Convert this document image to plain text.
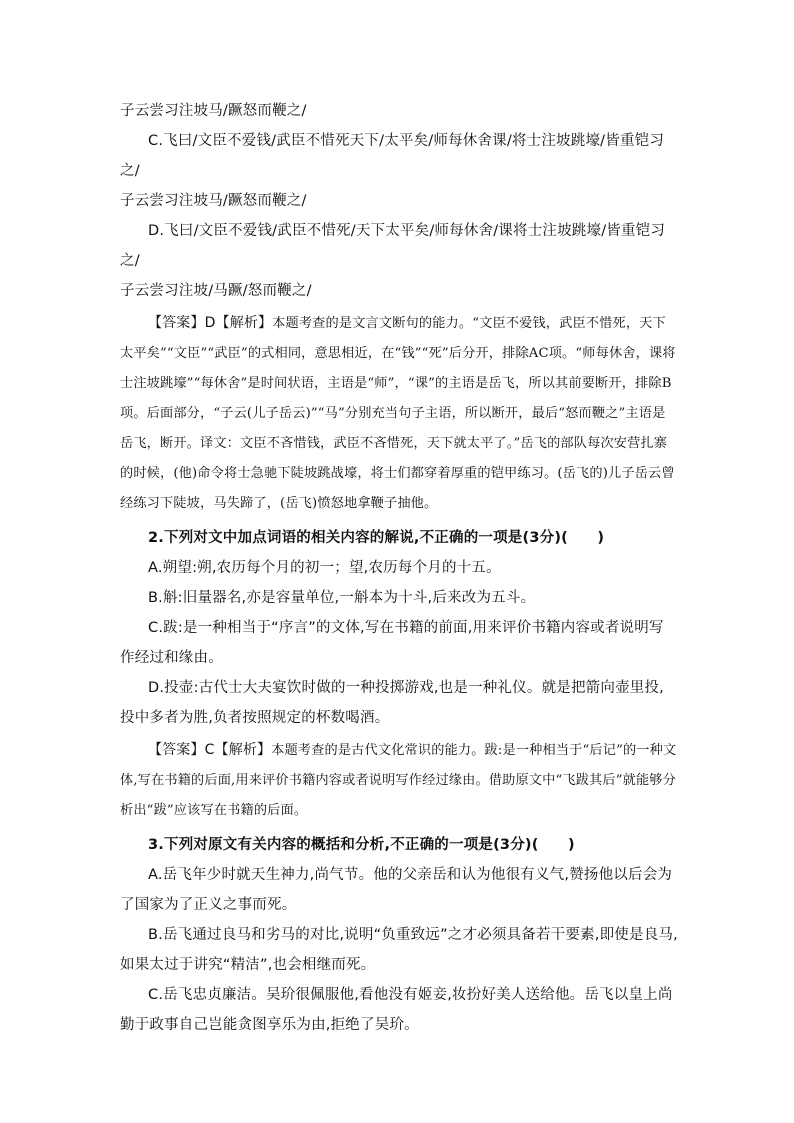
子云尝习注坡马/蹶怒而鞭之/

C.飞曰/文臣不爱钱/武臣不惜死天下/太平矣/师每休舍课/将士注坡跳壕/皆重铠习之/

子云尝习注坡马/蹶怒而鞭之/

D.飞曰/文臣不爱钱/武臣不惜死/天下太平矣/师每休舍/课将士注坡跳壕/皆重铠习之/

子云尝习注坡/马蹶/怒而鞭之/

【答案】D【解析】本题考查的是文言文断句的能力。“文臣不爱钱，武臣不惜死，天下太平矣”“文臣”“武臣”的式相同，意思相近，在“钱”“死”后分开，排除AC项。“师每休舍，课将士注坡跳壕”“每休舍”是时间状语，主语是“师”，“课”的主语是岳飞，所以其前要断开，排除B项。后面部分，“子云(儿子岳云)”“马”分别充当句子主语，所以断开，最后“怒而鞭之”主语是岳飞，断开。译文：文臣不吝惜钱，武臣不吝惜死，天下就太平了。”岳飞的部队每次安营扎寨的时候，(他)命令将士急驰下陡坡跳战壕，将士们都穿着厚重的铠甲练习。(岳飞的)儿子岳云曾经练习下陡坡，马失蹄了，(岳飞)愤怒地拿鞭子抽他。

2.下列对文中加点词语的相关内容的解说,不正确的一项是(3分)(　　)

A.朔望:朔,农历每个月的初一；望,农历每个月的十五。

B.斛:旧量器名,亦是容量单位,一斛本为十斗,后来改为五斗。

C.跋:是一种相当于“序言”的文体,写在书籍的前面,用来评价书籍内容或者说明写作经过和缘由。

D.投壶:古代士大夫宴饮时做的一种投掷游戏,也是一种礼仪。就是把箭向壶里投,投中多者为胜,负者按照规定的杯数喝酒。

【答案】C【解析】本题考查的是古代文化常识的能力。跋:是一种相当于“后记”的一种文体,写在书籍的后面,用来评价书籍内容或者说明写作经过缘由。借助原文中“飞跋其后”就能够分析出“跋”应该写在书籍的后面。

3.下列对原文有关内容的概括和分析,不正确的一项是(3分)(　　)

A.岳飞年少时就天生神力,尚气节。他的父亲岳和认为他很有义气,赞扬他以后会为了国家为了正义之事而死。

B.岳飞通过良马和劣马的对比,说明“负重致远”之才必须具备若干要素,即使是良马,如果太过于讲究“精洁”,也会相继而死。

C.岳飞忠贞廉洁。吴玠很佩服他,看他没有姬妾,妆扮好美人送给他。岳飞以皇上尚勤于政事自己岂能贪图享乐为由,拒绝了吴玠。
